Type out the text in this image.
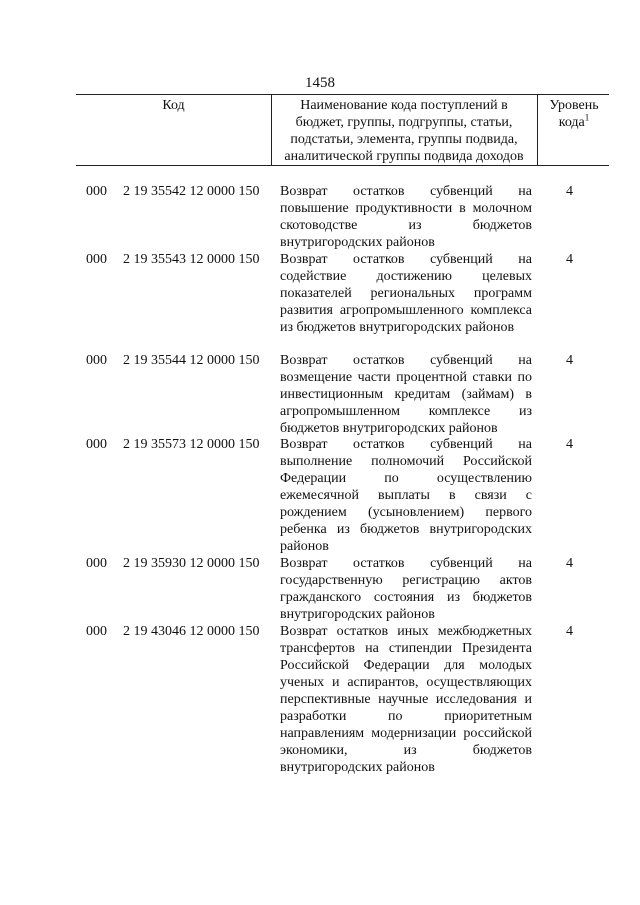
1458
Код	Наименование кода поступлений в бюджет, группы, подгруппы, статьи, подстатьи, элемента, группы подвида, аналитической группы подвида доходов
Уровень кода$^1$
000 2 19 35542 12 0000 150 Возврат остатков субвенций на повышение продуктивности в молочном скотоводстве из бюджетов внутригородских районов
4
000 2 19 35543 12 0000 150 Возврат остатков субвенций на содействие достижению целевых показателей региональных программ развития агропромышленного комплекса из бюджетов внутригородских районов
4
000 2 19 35544 12 0000 150 Возврат остатков субвенций на возмещение части процентной ставки по инвестиционным кредитам (займам) в агропромышленном комплексе из бюджетов внутригородских районов
4
000 2 19 35573 12 0000 150 Возврат остатков субвенций на выполнение полномочий Российской Федерации по осуществлению ежемесячной выплаты в связи с рождением (усыновлением) первого ребенка из бюджетов внутригородских районов
4
000 2 19 35930 12 0000 150 Возврат остатков субвенций на государственную регистрацию актов гражданского состояния из бюджетов внутригородских районов
4
000 2 19 43046 12 0000 150 Возврат остатков иных межбюджетных трансфертов на стипендии Президента Российской Федерации для молодых ученых и аспирантов, осуществляющих перспективные научные исследования и разработки по приоритетным направлениям модернизации российской экономики, из бюджетов внутригородских районов
4
